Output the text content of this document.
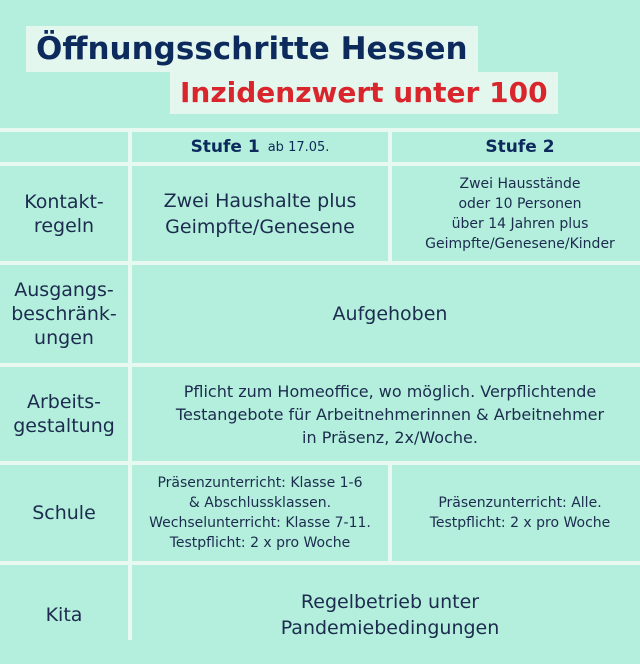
Öffnungsschritte Hessen
Inzidenzwert unter 100
Stufe 1 ab 17.05.	Stufe 2
Kontakt-
regeln
Zwei Haushalte plus
Geimpfte/Genesene
Zwei Hausstände
oder 10 Personen
über 14 Jahren plus
Geimpfte/Genesene/Kinder
Ausgangs-
beschränk-
ungen
Aufgehoben
Arbeits-
gestaltung
Pflicht zum Homeoffice, wo möglich. Verpflichtende
Testangebote für Arbeitnehmerinnen & Arbeitnehmer
in Präsenz, 2x/Woche.
Schule
Präsenzunterricht: Klasse 1-6
& Abschlussklassen.
Wechselunterricht: Klasse 7-11.
Testpflicht: 2 x pro Woche
Präsenzunterricht: Alle.
Testpflicht: 2 x pro Woche
Kita
Regelbetrieb unter
Pandemiebedingungen
